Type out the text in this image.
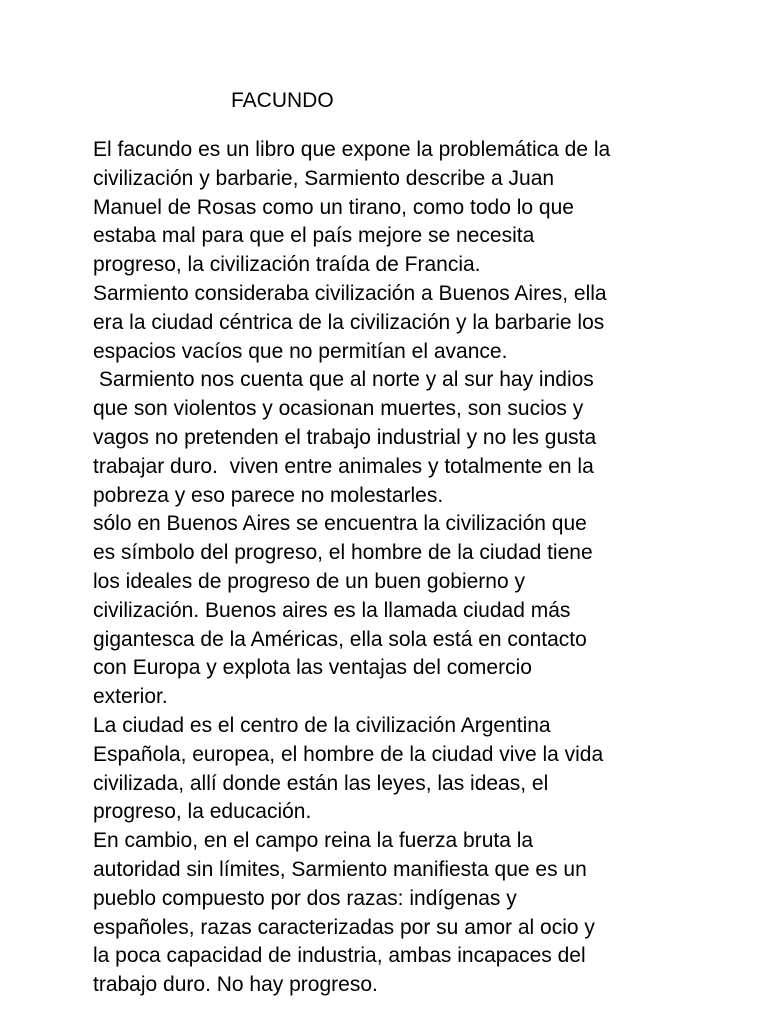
FACUNDO
El facundo es un libro que expone la problemática de la
civilización y barbarie, Sarmiento describe a Juan
Manuel de Rosas como un tirano, como todo lo que
estaba mal para que el país mejore se necesita
progreso, la civilización traída de Francia.
Sarmiento consideraba civilización a Buenos Aires, ella
era la ciudad céntrica de la civilización y la barbarie los
espacios vacíos que no permitían el avance.
Sarmiento nos cuenta que al norte y al sur hay indios
que son violentos y ocasionan muertes, son sucios y
vagos no pretenden el trabajo industrial y no les gusta
trabajar duro.  viven entre animales y totalmente en la
pobreza y eso parece no molestarles.
sólo en Buenos Aires se encuentra la civilización que
es símbolo del progreso, el hombre de la ciudad tiene
los ideales de progreso de un buen gobierno y
civilización. Buenos aires es la llamada ciudad más
gigantesca de la Américas, ella sola está en contacto
con Europa y explota las ventajas del comercio
exterior.
La ciudad es el centro de la civilización Argentina
Española, europea, el hombre de la ciudad vive la vida
civilizada, allí donde están las leyes, las ideas, el
progreso, la educación.
En cambio, en el campo reina la fuerza bruta la
autoridad sin límites, Sarmiento manifiesta que es un
pueblo compuesto por dos razas: indígenas y
españoles, razas caracterizadas por su amor al ocio y
la poca capacidad de industria, ambas incapaces del
trabajo duro. No hay progreso.
